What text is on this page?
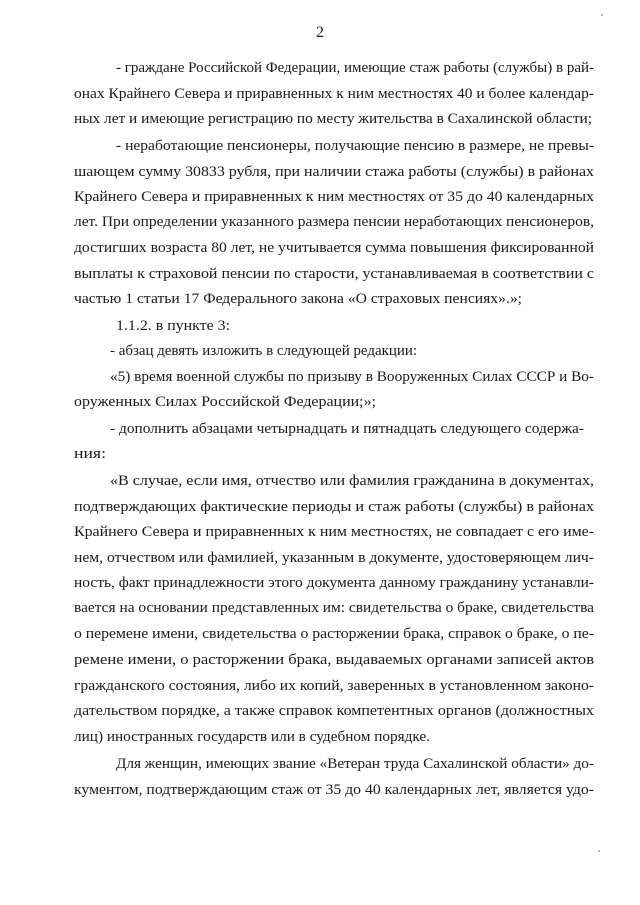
2
- граждане Российской Федерации, имеющие стаж работы (службы) в рай-
онах Крайнего Севера и приравненных к ним местностях 40 и более календар-
ных лет и имеющие регистрацию по месту жительства в Сахалинской области;
- неработающие пенсионеры, получающие пенсию в размере, не превы-
шающем сумму 30833 рубля, при наличии стажа работы (службы) в районах
Крайнего Севера и приравненных к ним местностях от 35 до 40 календарных
лет. При определении указанного размера пенсии неработающих пенсионеров,
достигших возраста 80 лет, не учитывается сумма повышения фиксированной
выплаты к страховой пенсии по старости, устанавливаемая в соответствии с
частью 1 статьи 17 Федерального закона «О страховых пенсиях».»;
1.1.2. в пункте 3:
- абзац девять изложить в следующей редакции:
«5) время военной службы по призыву в Вооруженных Силах СССР и Во-
оруженных Силах Российской Федерации;»;
- дополнить абзацами четырнадцать и пятнадцать следующего содержа-
ния:
«В случае, если имя, отчество или фамилия гражданина в документах,
подтверждающих фактические периоды и стаж работы (службы) в районах
Крайнего Севера и приравненных к ним местностях, не совпадает с его име-
нем, отчеством или фамилией, указанным в документе, удостоверяющем лич-
ность, факт принадлежности этого документа данному гражданину устанавли-
вается на основании представленных им: свидетельства о браке, свидетельства
о перемене имени, свидетельства о расторжении брака, справок о браке, о пе-
ремене имени, о расторжении брака, выдаваемых органами записей актов
гражданского состояния, либо их копий, заверенных в установленном законо-
дательством порядке, а также справок компетентных органов (должностных
лиц) иностранных государств или в судебном порядке.
Для женщин, имеющих звание «Ветеран труда Сахалинской области» до-
кументом, подтверждающим стаж от 35 до 40 календарных лет, является удо-
